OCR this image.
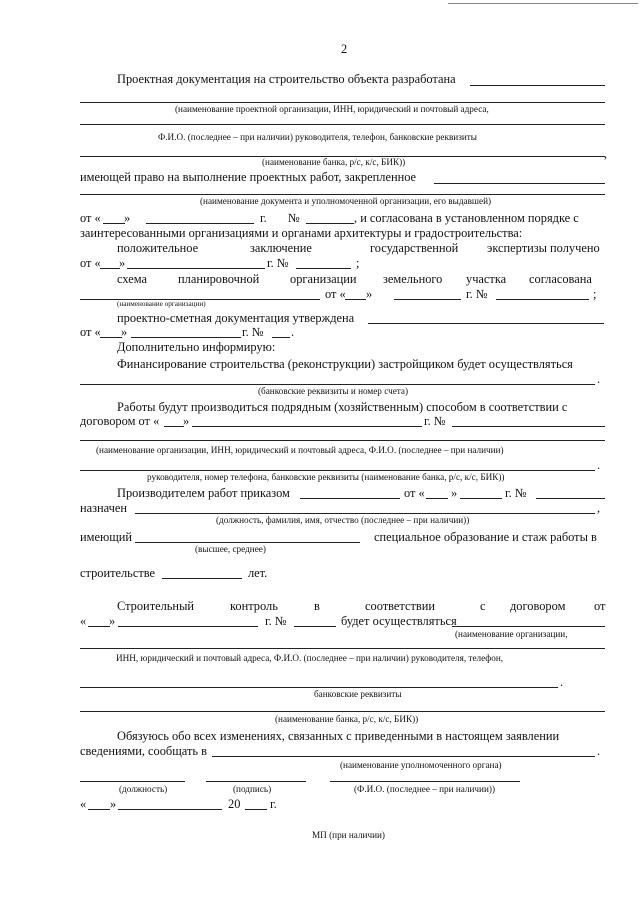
2
Проектная документация на строительство объекта разработана
(наименование проектной организации, ИНН, юридический и почтовый адреса,
Ф.И.О. (последнее – при наличии) руководителя, телефон, банковские реквизиты
,
(наименование банка, р/с, к/с, БИК))
имеющей право на выполнение проектных работ, закрепленное
(наименование документа и уполномоченной организации, его выдавшей)
от « »	г. №	, и согласована в установленном порядке с
заинтересованными организациями и органами архитектуры и градостроительства:
положительное	заключение	государственной экспертизы получено
от « »	г. №	;
схема	планировочной организации земельного участка согласована
от « »	г. №	;
(наименование организации)
проектно-сметная документация утверждена
от « »	г. № .
Дополнительно информирую:
Финансирование строительства (реконструкции) застройщиком будет осуществляться
.
(банковские реквизиты и номер счета)
Работы будут производиться подрядным (хозяйственным) способом в соответствии с
договором от « »	г. №
(наименование организации, ИНН, юридический и почтовый адреса, Ф.И.О. (последнее – при наличии)
.
руководителя, номер телефона, банковские реквизиты (наименование банка, р/с, к/с, БИК))
Производителем работ приказом	от « »	г. №
назначен	,
(должность, фамилия, имя, отчество (последнее – при наличии))
имеющий	специальное образование и стаж работы в
(высшее, среднее)
строительстве	лет.
Строительный	контроль	в	соответствии	с договором от
« »	г. №	будет осуществляться
(наименование организации,
ИНН, юридический и почтовый адреса, Ф.И.О. (последнее – при наличии) руководителя, телефон,
.
банковские реквизиты
(наименование банка, р/с, к/с, БИК))
Обязуюсь обо всех изменениях, связанных с приведенными в настоящем заявлении
сведениями, сообщать в	.
(наименование уполномоченного органа)
(должность)	(подпись)	(Ф.И.О. (последнее – при наличии))
« »	20 г.
МП (при наличии)
